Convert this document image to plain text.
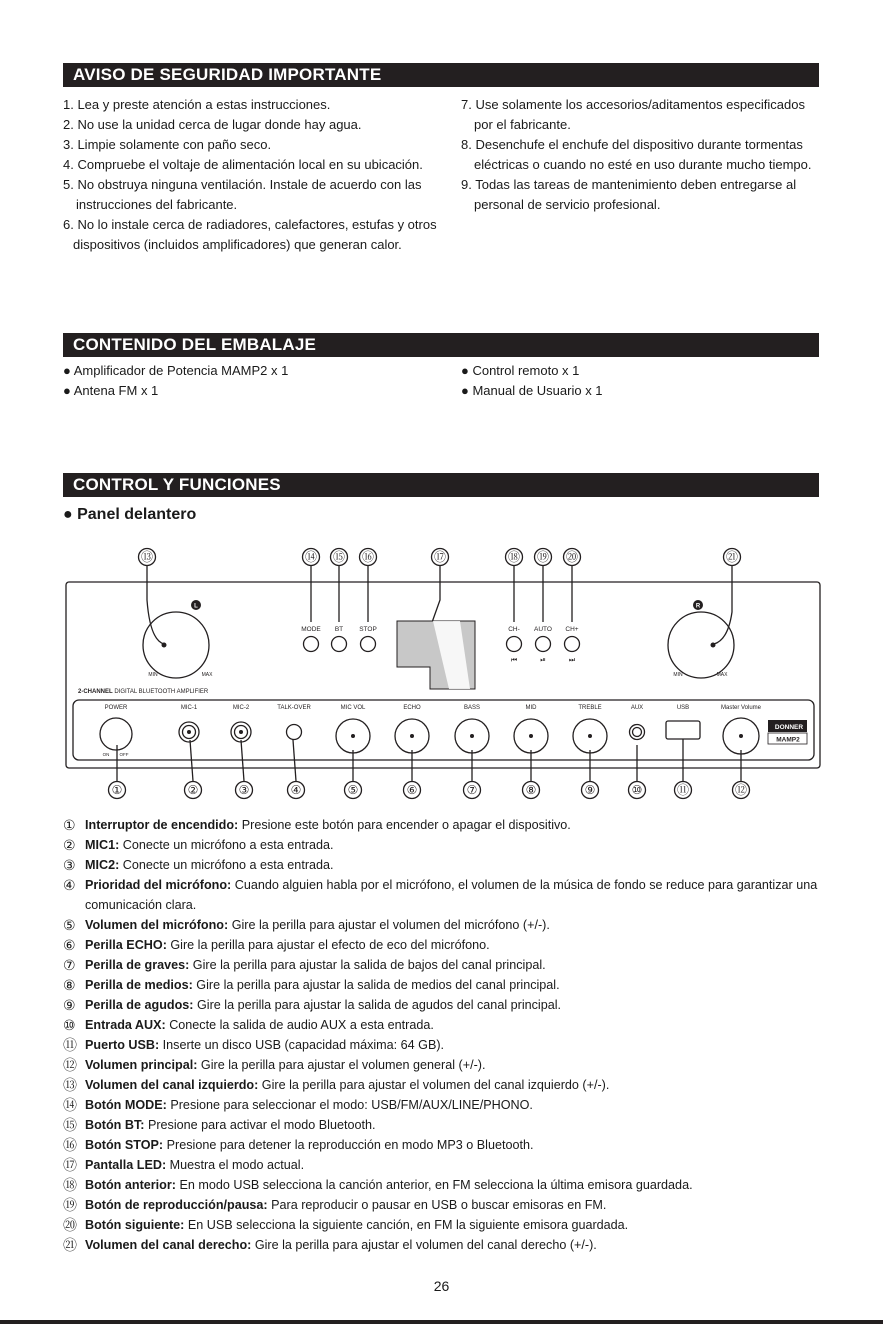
AVISO DE SEGURIDAD IMPORTANTE

1. Lea y preste atención a estas instrucciones.

2. No use la unidad cerca de lugar donde hay agua.

3. Limpie solamente con paño seco.

4. Compruebe el voltaje de alimentación local en su ubicación.

5. No obstruya ninguna ventilación. Instale de acuerdo con las

instrucciones del fabricante.

6. No lo instale cerca de radiadores, calefactores, estufas y otros

dispositivos (incluidos amplificadores) que generan calor.

7. Use solamente los accesorios/aditamentos especificados

por el fabricante.

8. Desenchufe el enchufe del dispositivo durante tormentas

eléctricas o cuando no esté en uso durante mucho tiempo.

9. Todas las tareas de mantenimiento deben entregarse al

personal de servicio profesional.

CONTENIDO DEL EMBALAJE

● Amplificador de Potencia MAMP2 x 1

● Antena FM x 1

● Control remoto x 1

● Manual de Usuario x 1

CONTROL Y FUNCIONES
● Panel delantero
L	R
MODE BT STOP	CH- AUTO CH+
⏮	⏯	⏭
MIN	MAX	MIN	MAX
2-CHANNEL DIGITAL BLUETOOTH AMPLIFIER
POWER	MIC-1	MIC-2	TALK-OVER	MIC VOL	ECHO	BASS	MID	TREBLE	AUX	USB	Master Volume
ON OFF
DONNER
MAMP2
⑬	⑭ ⑮ ⑯	⑰	⑱ ⑲ ⑳	㉑
①	②	③	④	⑤	⑥	⑦	⑧	⑨	⑩	⑪	⑫
① Interruptor de encendido: Presione este botón para encender o apagar el dispositivo.
② MIC1: Conecte un micrófono a esta entrada.
③ MIC2: Conecte un micrófono a esta entrada.
④ Prioridad del micrófono: Cuando alguien habla por el micrófono, el volumen de la música de fondo se reduce para garantizar una
comunicación clara.
⑤ Volumen del micrófono: Gire la perilla para ajustar el volumen del micrófono (+/-).
⑥ Perilla ECHO: Gire la perilla para ajustar el efecto de eco del micrófono.
⑦ Perilla de graves: Gire la perilla para ajustar la salida de bajos del canal principal.
⑧ Perilla de medios: Gire la perilla para ajustar la salida de medios del canal principal.
⑨ Perilla de agudos: Gire la perilla para ajustar la salida de agudos del canal principal.
⑩ Entrada AUX: Conecte la salida de audio AUX a esta entrada.
⑪ Puerto USB: Inserte un disco USB (capacidad máxima: 64 GB).
⑫ Volumen principal: Gire la perilla para ajustar el volumen general (+/-).
⑬ Volumen del canal izquierdo: Gire la perilla para ajustar el volumen del canal izquierdo (+/-).
⑭ Botón MODE: Presione para seleccionar el modo: USB/FM/AUX/LINE/PHONO.
⑮ Botón BT: Presione para activar el modo Bluetooth.
⑯ Botón STOP: Presione para detener la reproducción en modo MP3 o Bluetooth.
⑰ Pantalla LED: Muestra el modo actual.
⑱ Botón anterior: En modo USB selecciona la canción anterior, en FM selecciona la última emisora guardada.
⑲ Botón de reproducción/pausa: Para reproducir o pausar en USB o buscar emisoras en FM.
⑳ Botón siguiente: En USB selecciona la siguiente canción, en FM la siguiente emisora guardada.
㉑ Volumen del canal derecho: Gire la perilla para ajustar el volumen del canal derecho (+/-).
26
